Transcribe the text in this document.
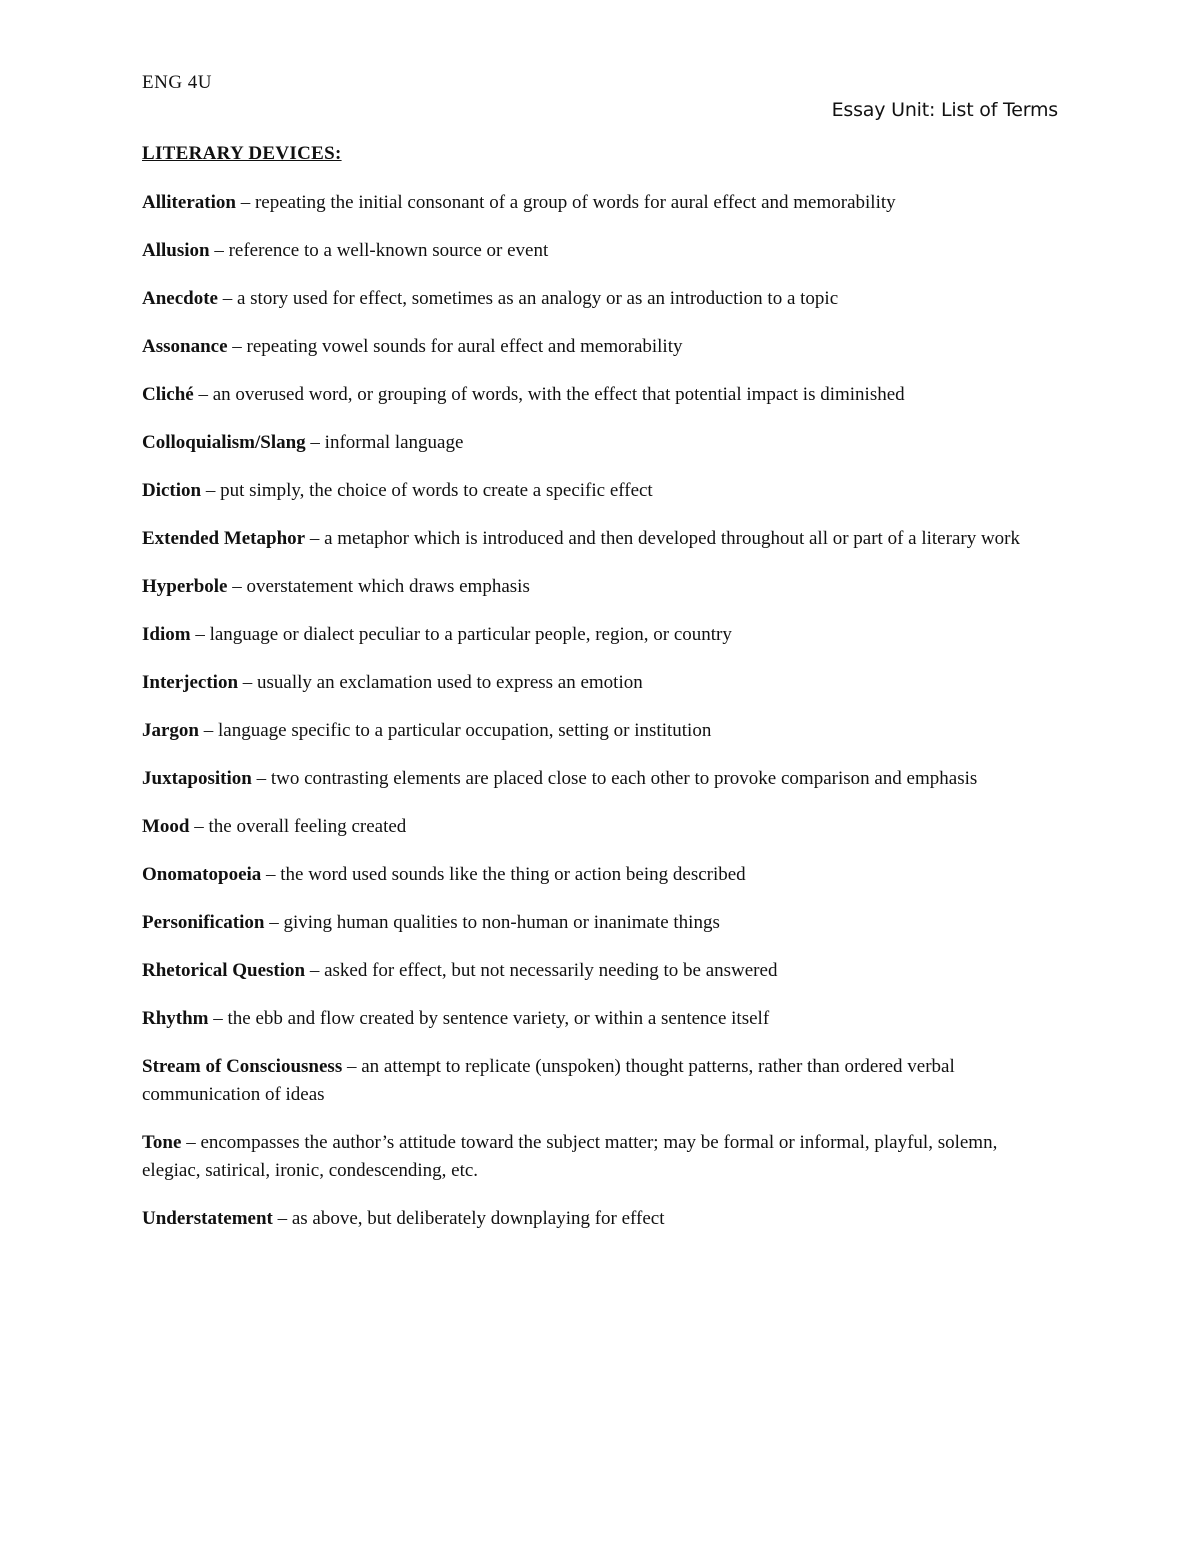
ENG 4U
Essay Unit: List of Terms
LITERARY DEVICES:
Alliteration – repeating the initial consonant of a group of words for aural effect and memorability
Allusion – reference to a well-known source or event
Anecdote – a story used for effect, sometimes as an analogy or as an introduction to a topic
Assonance – repeating vowel sounds for aural effect and memorability
Cliché – an overused word, or grouping of words, with the effect that potential impact is diminished
Colloquialism/Slang – informal language
Diction – put simply, the choice of words to create a specific effect
Extended Metaphor – a metaphor which is introduced and then developed throughout all or part of a literary work
Hyperbole – overstatement which draws emphasis
Idiom – language or dialect peculiar to a particular people, region, or country
Interjection – usually an exclamation used to express an emotion
Jargon – language specific to a particular occupation, setting or institution
Juxtaposition – two contrasting elements are placed close to each other to provoke comparison and emphasis
Mood – the overall feeling created
Onomatopoeia – the word used sounds like the thing or action being described
Personification – giving human qualities to non-human or inanimate things
Rhetorical Question – asked for effect, but not necessarily needing to be answered
Rhythm – the ebb and flow created by sentence variety, or within a sentence itself
Stream of Consciousness – an attempt to replicate (unspoken) thought patterns, rather than ordered verbal communication of ideas
Tone – encompasses the author’s attitude toward the subject matter; may be formal or informal, playful, solemn, elegiac, satirical, ironic, condescending, etc.
Understatement – as above, but deliberately downplaying for effect
